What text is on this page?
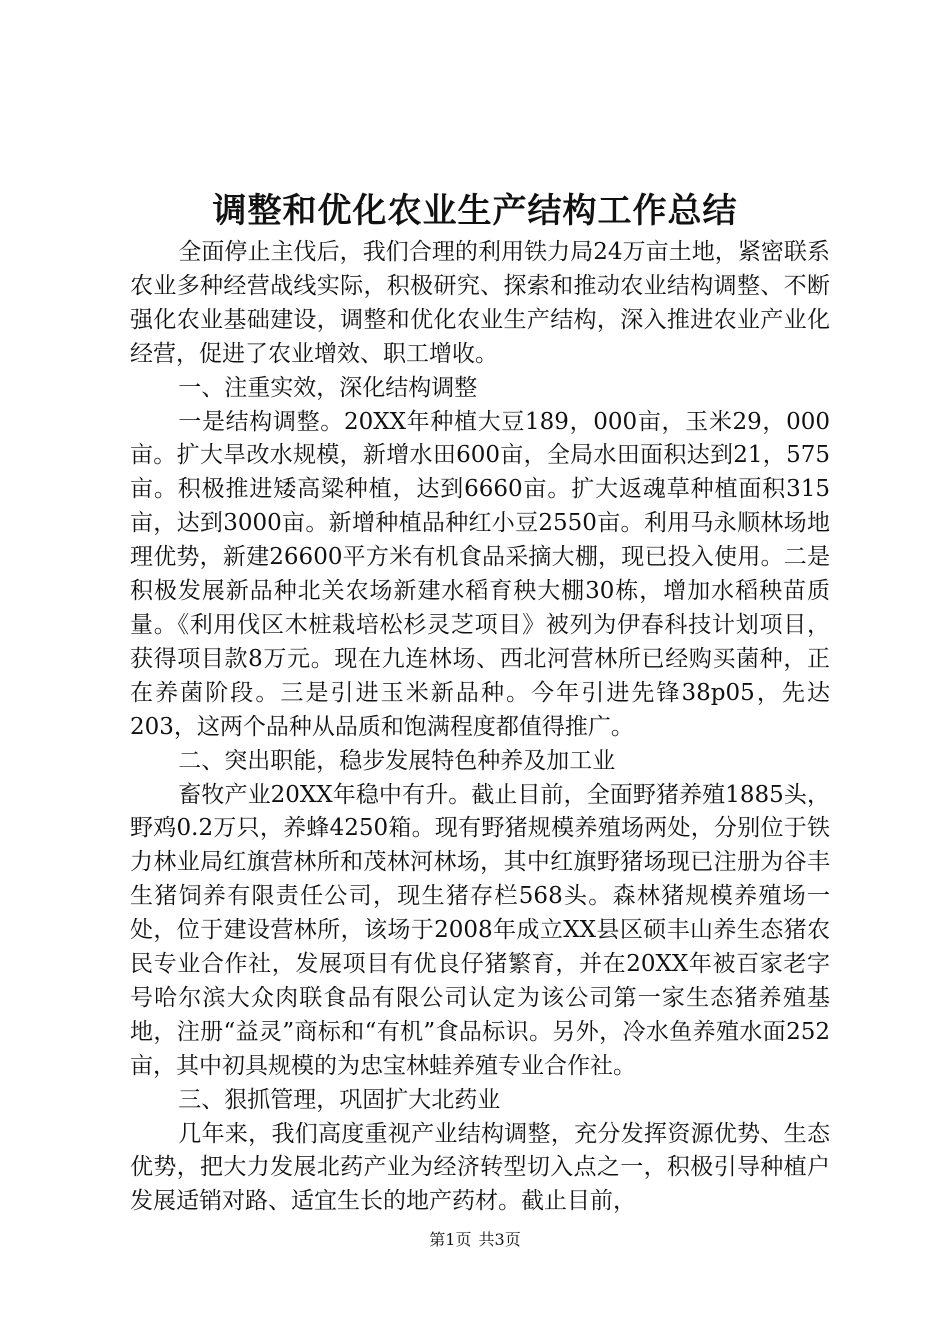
调整和优化农业生产结构工作总结

全面停止主伐后，我们合理的利用铁力局24万亩土地，紧密联系农业多种经营战线实际，积极研究、探索和推动农业结构调整、不断强化农业基础建设，调整和优化农业生产结构，深入推进农业产业化经营，促进了农业增效、职工增收。

一、注重实效，深化结构调整

一是结构调整。20XX年种植大豆189，000亩，玉米29，000亩。扩大旱改水规模，新增水田600亩，全局水田面积达到21，575亩。积极推进矮高粱种植，达到6660亩。扩大返魂草种植面积315亩，达到3000亩。新增种植品种红小豆2550亩。利用马永顺林场地理优势，新建26600平方米有机食品采摘大棚，现已投入使用。二是积极发展新品种北关农场新建水稻育秧大棚30栋，增加水稻秧苗质量。《利用伐区木桩栽培松杉灵芝项目》被列为伊春科技计划项目，获得项目款8万元。现在九连林场、西北河营林所已经购买菌种，正在养菌阶段。三是引进玉米新品种。今年引进先锋38p05，先达203，这两个品种从品质和饱满程度都值得推广。

二、突出职能，稳步发展特色种养及加工业

畜牧产业20XX年稳中有升。截止目前，全面野猪养殖1885头，野鸡0.2万只，养蜂4250箱。现有野猪规模养殖场两处，分别位于铁力林业局红旗营林所和茂林河林场，其中红旗野猪场现已注册为谷丰生猪饲养有限责任公司，现生猪存栏568头。森林猪规模养殖场一处，位于建设营林所，该场于2008年成立XX县区硕丰山养生态猪农民专业合作社，发展项目有优良仔猪繁育，并在20XX年被百家老字号哈尔滨大众肉联食品有限公司认定为该公司第一家生态猪养殖基地，注册“益灵”商标和“有机”食品标识。另外，冷水鱼养殖水面252亩，其中初具规模的为忠宝林蛙养殖专业合作社。

三、狠抓管理，巩固扩大北药业

几年来，我们高度重视产业结构调整，充分发挥资源优势、生态优势，把大力发展北药产业为经济转型切入点之一，积极引导种植户发展适销对路、适宜生长的地产药材。截止目前，

第1页 共3页
